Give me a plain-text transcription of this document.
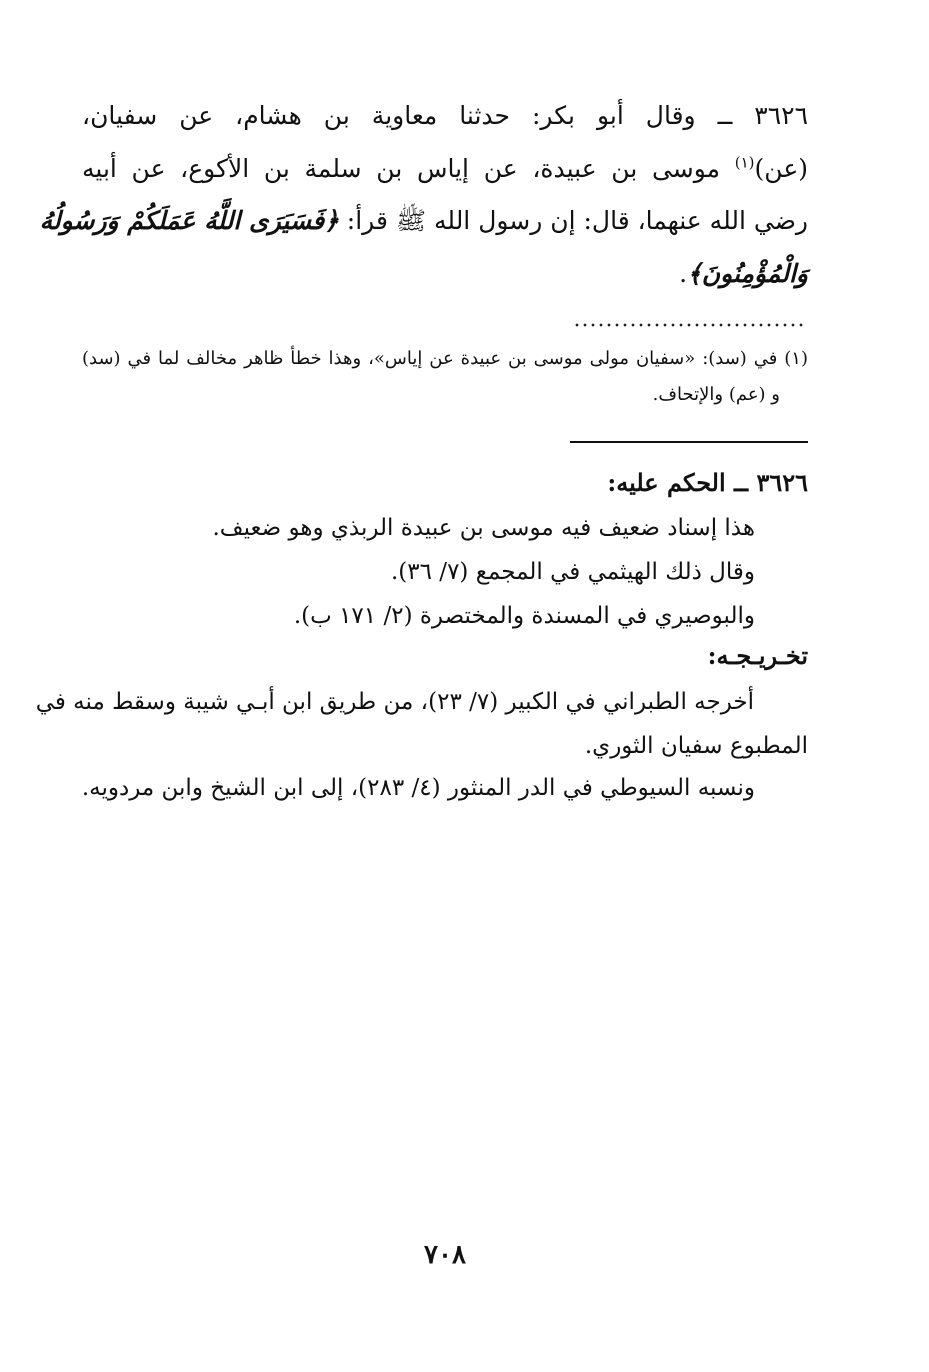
٣٦٢٦ ــ وقال أبو بكر: حدثنا معاوية بن هشام، عن سفيان،
(عن)$^{(١)}$ موسى بن عبيدة، عن إياس بن سلمة بن الأكوع، عن أبيه
رضي الله عنهما، قال: إن رسول الله ﷺ قرأ: ﴿فَسَيَرَى اللَّهُ عَمَلَكُمْ وَرَسُولُهُ
وَالْمُؤْمِنُونَ﴾.
(١) في (سد): «سفيان مولى موسى بن عبيدة عن إياس»، وهذا خطأ ظاهر مخالف لما في (سد)
و (عم) والإتحاف.
٣٦٢٦ ــ الحكم عليه:
هذا إسناد ضعيف فيه موسى بن عبيدة الربذي وهو ضعيف.
وقال ذلك الهيثمي في المجمع (٧/ ٣٦).
والبوصيري في المسندة والمختصرة (٢/ ١٧١ ب).
تخـريـجـه:
أخرجه الطبراني في الكبير (٧/ ٢٣)، من طريق ابن أبـي شيبة وسقط منه في
المطبوع سفيان الثوري.
ونسبه السيوطي في الدر المنثور (٤/ ٢٨٣)، إلى ابن الشيخ وابن مردويه.
٧٠٨
